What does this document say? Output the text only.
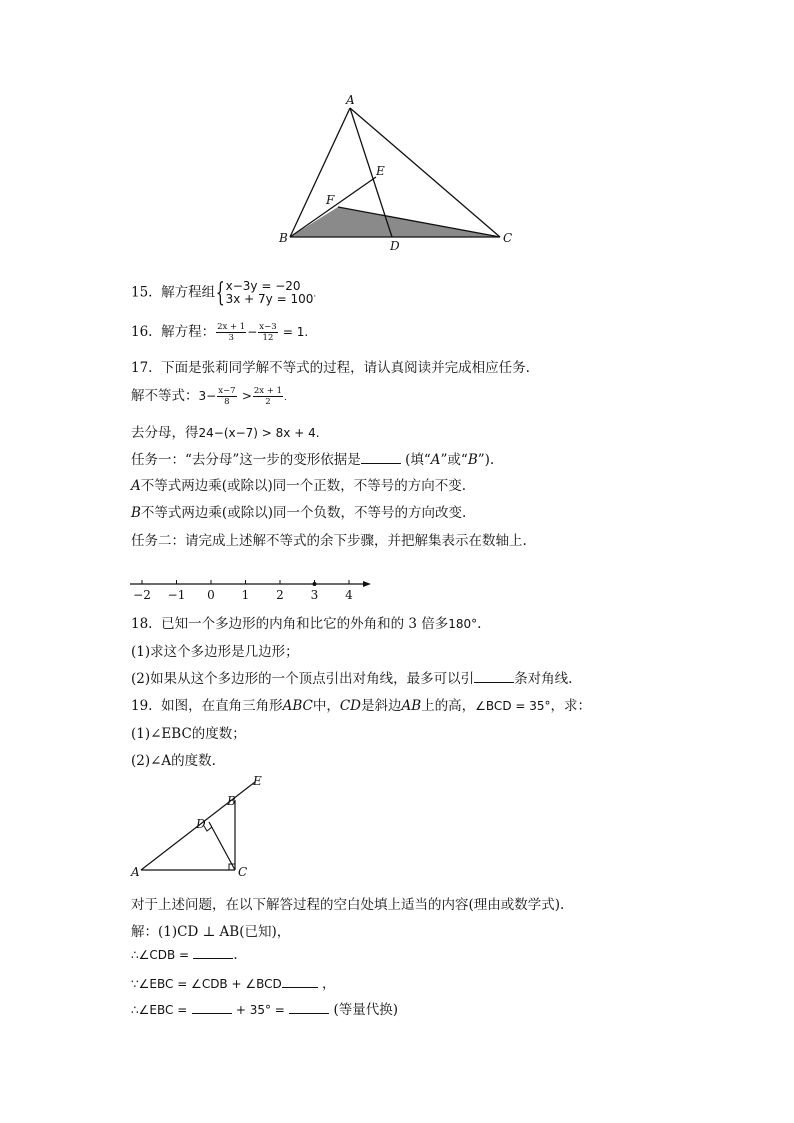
A
B	C
D
E
F
15. 解方程组{ x−3y = −20
3x + 7y = 100 .
16. 解方程： $\frac{2x + 1}{3} - \frac{x-3}{12} = 1$.
17. 下面是张莉同学解不等式的过程，请认真阅读并完成相应任务.
解不等式：$3- \frac{x-7}{8} > \frac{2x + 1}{2}$ .
去分母，得24−(x−7) > 8x + 4.
任务一：“去分母”这一步的变形依据是	(填“A”或“B”).
A不等式两边乘(或除以)同一个正数，不等号的方向不变.
B不等式两边乘(或除以)同一个负数，不等号的方向改变.
任务二：请完成上述解不等式的余下步骤，并把解集表示在数轴上.
−2 −1 0 1 2 3 4
18. 已知一个多边形的内角和比它的外角和的 3 倍多180°.
(1)求这个多边形是几边形；
(2)如果从这个多边形的一个顶点引出对角线，最多可以引	条对角线.
19. 如图，在直角三角形ABC中，CD是斜边AB上的高，∠BCD = 35°，求：
(1)∠EBC的度数；
(2)∠A的度数.
A
B
C
D
E
对于上述问题，在以下解答过程的空白处填上适当的内容(理由或数学式).
解：(1)CD ⊥ AB(已知)，
∴∠CDB =	.
∵∠EBC = ∠CDB + ∠BCD	，
∴∠EBC =	+ 35° =	(等量代换)
